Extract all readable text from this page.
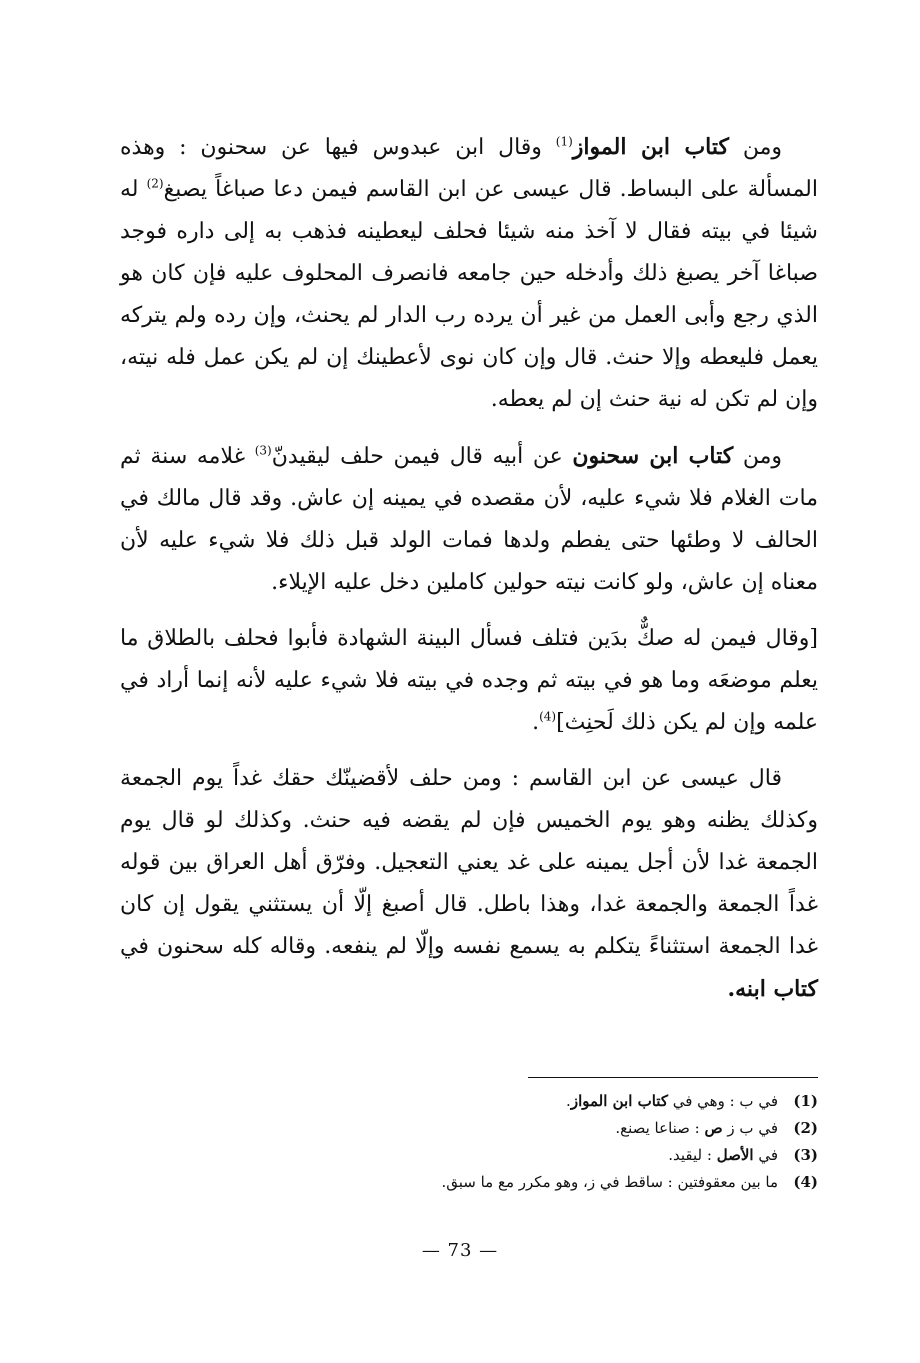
ومن كتاب ابن المواز$^{(1)}$ وقال ابن عبدوس فيها عن سحنون : وهذه المسألة على البساط. قال عيسى عن ابن القاسم فيمن دعا صباغاً يصبغ$^{(2)}$ له شيئا في بيته فقال لا آخذ منه شيئا فحلف ليعطينه فذهب به إلى داره فوجد صباغا آخر يصبغ ذلك وأدخله حين جامعه فانصرف المحلوف عليه فإن كان هو الذي رجع وأبى العمل من غير أن يرده رب الدار لم يحنث، وإن رده ولم يتركه يعمل فليعطه وإلا حنث. قال وإن كان نوى لأعطينك إن لم يكن عمل فله نيته، وإن لم تكن له نية حنث إن لم يعطه.

ومن كتاب ابن سحنون عن أبيه قال فيمن حلف ليقيدنّ$^{(3)}$ غلامه سنة ثم مات الغلام فلا شيء عليه، لأن مقصده في يمينه إن عاش. وقد قال مالك في الحالف لا وطئها حتى يفطم ولدها فمات الولد قبل ذلك فلا شيء عليه لأن معناه إن عاش، ولو كانت نيته حولين كاملين دخل عليه الإيلاء.

[وقال فيمن له صكٌّ بدَين فتلف فسأل البينة الشهادة فأبوا فحلف بالطلاق ما يعلم موضعَه وما هو في بيته ثم وجده في بيته فلا شيء عليه لأنه إنما أراد في علمه وإن لم يكن ذلك لَحنِث]$^{(4)}$.

قال عيسى عن ابن القاسم : ومن حلف لأقضينّك حقك غداً يوم الجمعة وكذلك يظنه وهو يوم الخميس فإن لم يقضه فيه حنث. وكذلك لو قال يوم الجمعة غدا لأن أجل يمينه على غد يعني التعجيل. وفرّق أهل العراق بين قوله غداً الجمعة والجمعة غدا، وهذا باطل. قال أصبغ إلّا أن يستثني يقول إن كان غدا الجمعة استثناءً يتكلم به يسمع نفسه وإلّا لم ينفعه. وقاله كله سحنون في كتاب ابنه.

(1)
في ب : وهي في كتاب ابن المواز.
(2)
في ب ز ص : صناعا يصنع.
(3)
في الأصل : ليقيد.
(4)
ما بين معقوفتين : ساقط في ز، وهو مكرر مع ما سبق.
— 73 —
